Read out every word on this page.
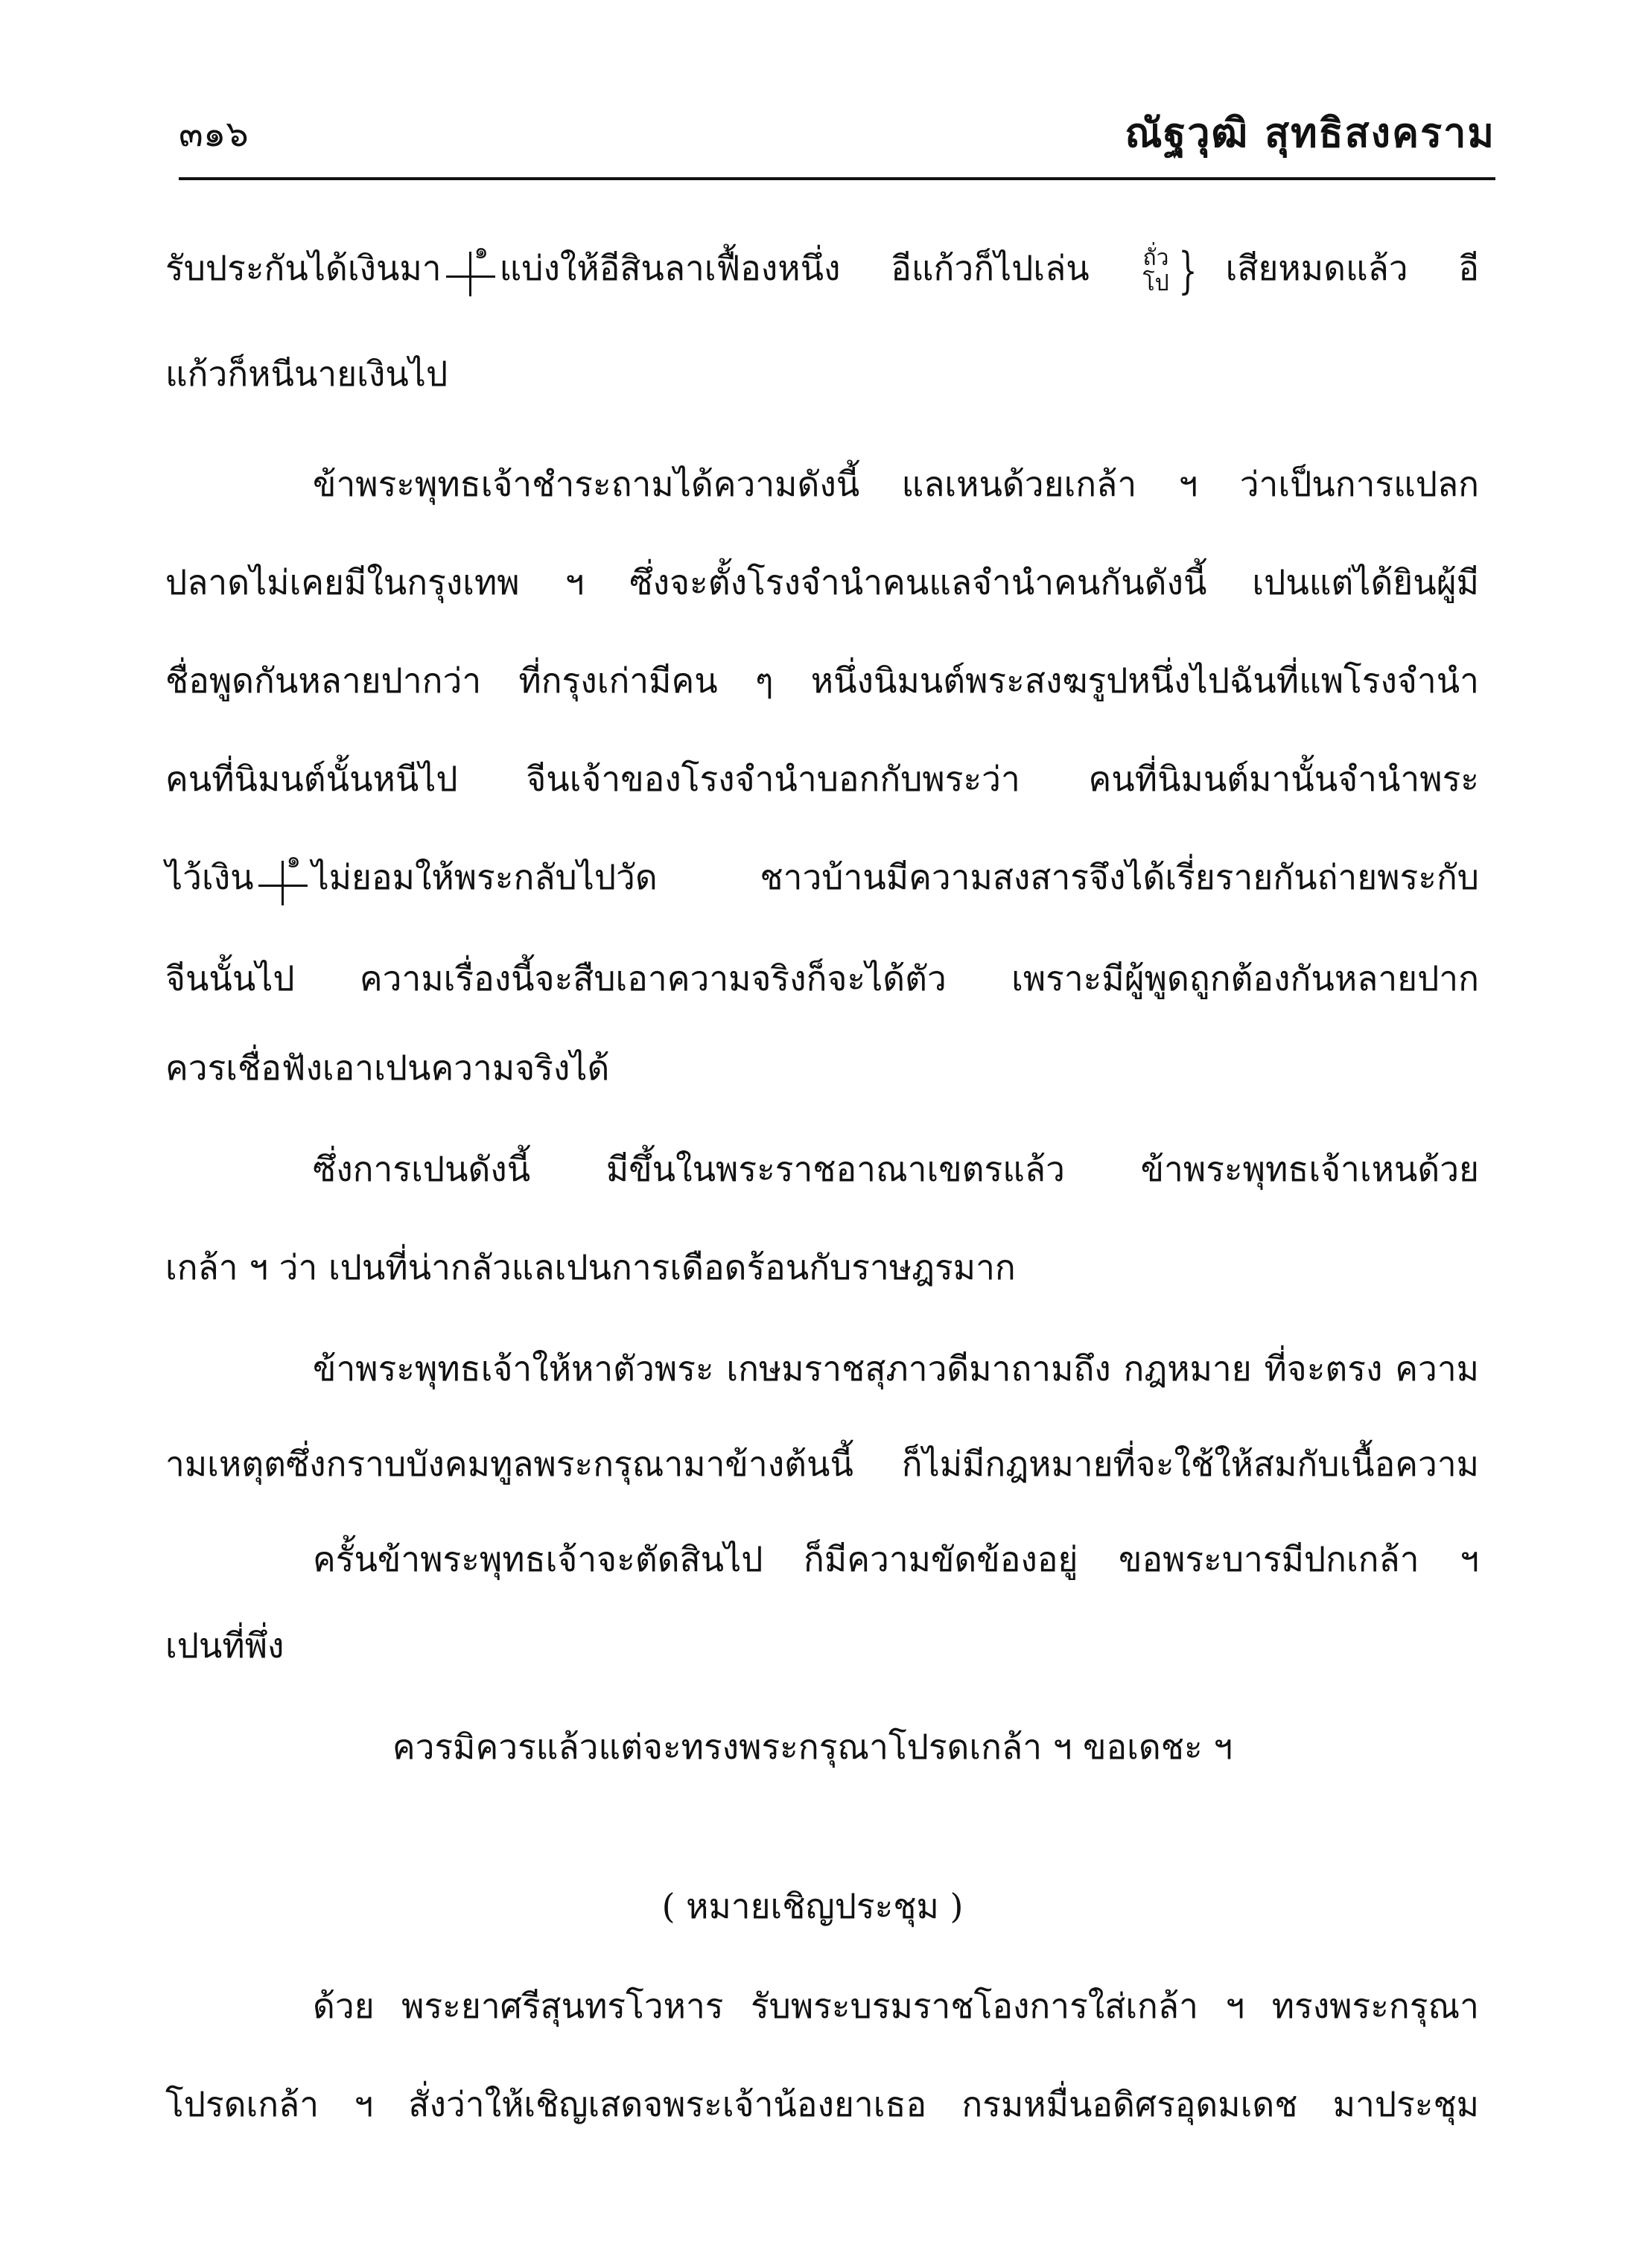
๓๑๖	ณัฐวุฒิ สุทธิสงคราม
รับประกันได้เงินมา ๑ แบ่งให้อีสินลาเฟื้องหนึ่ง อีแก้วก็ไปเล่น ถั่ว
โป } เสียหมดแล้ว อี
แก้วก็หนีนายเงินไป
ข้าพระพุทธเจ้าชำระถามได้ความดังนี้ แลเหนด้วยเกล้า ฯ ว่าเป็นการแปลก
ปลาดไม่เคยมีในกรุงเทพ ฯ ซึ่งจะตั้งโรงจำนำคนแลจำนำคนกันดังนี้ เปนแต่ได้ยินผู้มี
ชื่อพูดกันหลายปากว่า ที่กรุงเก่ามีคน ๆ หนึ่งนิมนต์พระสงฆรูปหนึ่งไปฉันที่แพโรงจำนำ
คนที่นิมนต์นั้นหนีไป จีนเจ้าของโรงจำนำบอกกับพระว่า คนที่นิมนต์มานั้นจำนำพระ
ไว้เงิน ๑ ไม่ยอมให้พระกลับไปวัด ชาวบ้านมีความสงสารจึงได้เรี่ยรายกันถ่ายพระกับ
จีนนั้นไป ความเรื่องนี้จะสืบเอาความจริงก็จะได้ตัว เพราะมีผู้พูดถูกต้องกันหลายปาก
ควรเชื่อฟังเอาเปนความจริงได้
ซึ่งการเปนดังนี้ มีขึ้นในพระราชอาณาเขตรแล้ว ข้าพระพุทธเจ้าเหนด้วย
เกล้า ฯ ว่า เปนที่น่ากลัวแลเปนการเดือดร้อนกับราษฎรมาก
ข้าพระพุทธเจ้าให้หาตัวพระ เกษมราชสุภาวดีมาถามถึง กฎหมาย ที่จะตรง ความ
ามเหตุตซึ่งกราบบังคมทูลพระกรุณามาข้างต้นนี้ ก็ไม่มีกฎหมายที่จะใช้ให้สมกับเนื้อความ
ครั้นข้าพระพุทธเจ้าจะตัดสินไป ก็มีความขัดข้องอยู่ ขอพระบารมีปกเกล้า ฯ
เปนที่พึ่ง
ควรมิควรแล้วแต่จะทรงพระกรุณาโปรดเกล้า ฯ ขอเดชะ ฯ
( หมายเชิญประชุม )
ด้วย พระยาศรีสุนทรโวหาร รับพระบรมราชโองการใส่เกล้า ฯ ทรงพระกรุณา
โปรดเกล้า ฯ สั่งว่าให้เชิญเสดจพระเจ้าน้องยาเธอ กรมหมื่นอดิศรอุดมเดช มาประชุม
